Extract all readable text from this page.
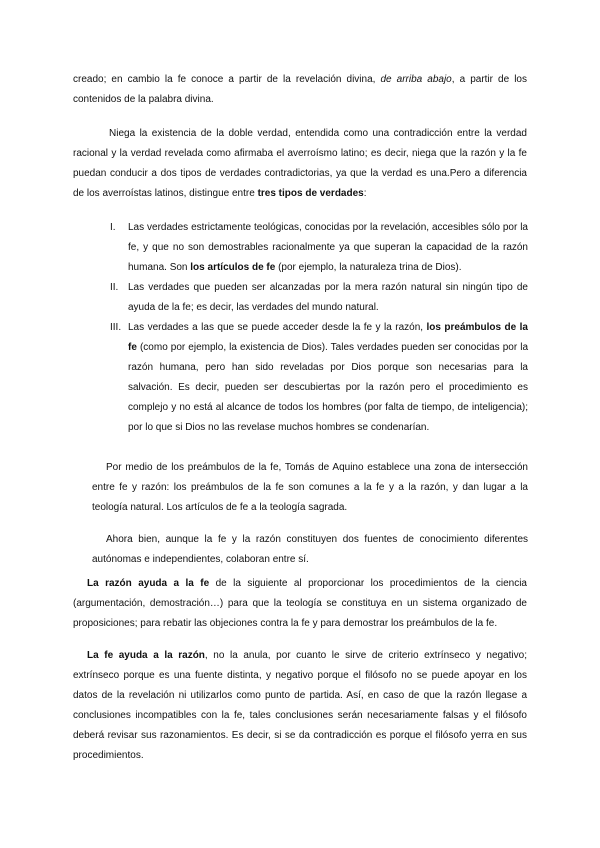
creado; en cambio la fe conoce a partir de la revelación divina, de arriba abajo, a partir de los contenidos de la palabra divina.

Niega la existencia de la doble verdad, entendida como una contradicción entre la verdad racional y la verdad revelada como afirmaba el averroísmo latino; es decir, niega que la razón y la fe puedan conducir a dos tipos de verdades contradictorias, ya que la verdad es una.Pero a diferencia de los averroístas latinos, distingue entre tres tipos de verdades:

I. Las verdades estrictamente teológicas, conocidas por la revelación, accesibles sólo por la fe, y que no son demostrables racionalmente ya que superan la capacidad de la razón humana. Son los artículos de fe (por ejemplo, la naturaleza trina de Dios).
II. Las verdades que pueden ser alcanzadas por la mera razón natural sin ningún tipo de ayuda de la fe; es decir, las verdades del mundo natural.
III. Las verdades a las que se puede acceder desde la fe y la razón, los preámbulos de la fe (como por ejemplo, la existencia de Dios). Tales verdades pueden ser conocidas por la razón humana, pero han sido reveladas por Dios porque son necesarias para la salvación. Es decir, pueden ser descubiertas por la razón pero el procedimiento es complejo y no está al alcance de todos los hombres (por falta de tiempo, de inteligencia); por lo que si Dios no las revelase muchos hombres se condenarían.

Por medio de los preámbulos de la fe, Tomás de Aquino establece una zona de intersección entre fe y razón: los preámbulos de la fe son comunes a la fe y a la razón, y dan lugar a la teología natural. Los artículos de fe a la teología sagrada.

Ahora bien, aunque la fe y la razón constituyen dos fuentes de conocimiento diferentes autónomas e independientes, colaboran entre sí.

La razón ayuda a la fe de la siguiente al proporcionar los procedimientos de la ciencia (argumentación, demostración…) para que la teología se constituya en un sistema organizado de proposiciones; para rebatir las objeciones contra la fe y para demostrar los preámbulos de la fe.

La fe ayuda a la razón, no la anula, por cuanto le sirve de criterio extrínseco y negativo; extrínseco porque es una fuente distinta, y negativo porque el filósofo no se puede apoyar en los datos de la revelación ni utilizarlos como punto de partida. Así, en caso de que la razón llegase a conclusiones incompatibles con la fe, tales conclusiones serán necesariamente falsas y el filósofo deberá revisar sus razonamientos. Es decir, si se da contradicción es porque el filósofo yerra en sus procedimientos.
